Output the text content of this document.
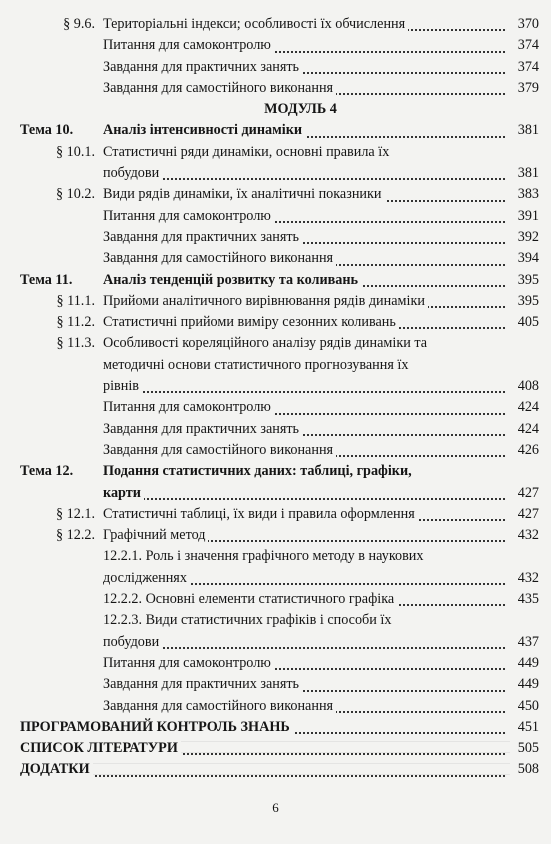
§ 9.6. Територіальні індекси; особливості їх обчислення	370
Питання для самоконтролю	374
Завдання для практичних занять	374
Завдання для самостійного виконання	379
МОДУЛЬ 4
Тема 10.	Аналіз інтенсивності динаміки	381
§ 10.1. Статистичні ряди динаміки, основні правила їх
побудови	381
§ 10.2. Види рядів динаміки, їх аналітичні показники	383
Питання для самоконтролю	391
Завдання для практичних занять	392
Завдання для самостійного виконання	394
Тема 11.	Аналіз тенденцій розвитку та коливань	395
§ 11.1. Прийоми аналітичного вирівнювання рядів динаміки	395
§ 11.2. Статистичні прийоми виміру сезонних коливань	405
§ 11.3. Особливості кореляційного аналізу рядів динаміки та
методичні основи статистичного прогнозування їх
рівнів	408
Питання для самоконтролю	424
Завдання для практичних занять	424
Завдання для самостійного виконання	426
Тема 12.	Подання статистичних даних: таблиці, графіки,
карти	427
§ 12.1. Статистичні таблиці, їх види і правила оформлення	427
§ 12.2. Графічний метод	432
12.2.1. Роль і значення графічного методу в наукових
дослідженнях	432
12.2.2. Основні елементи статистичного графіка	435
12.2.3. Види статистичних графіків і способи їх
побудови	437
Питання для самоконтролю	449
Завдання для практичних занять	449
Завдання для самостійного виконання	450
ПРОГРАМОВАНИЙ КОНТРОЛЬ ЗНАНЬ	451
СПИСОК ЛІТЕРАТУРИ	505
ДОДАТКИ	508
6
